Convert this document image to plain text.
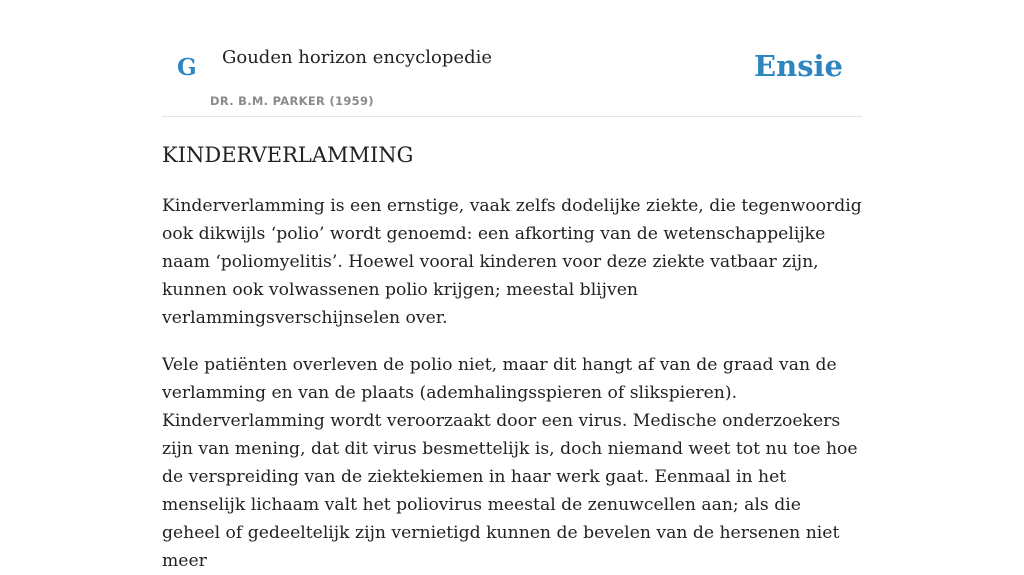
G Gouden horizon encyclopedie
DR. B.M. PARKER (1959)
Ensie
KINDERVERLAMMING

Kinderverlamming is een ernstige, vaak zelfs dodelijke ziekte, die tegenwoordig ook dikwijls ‘polio’ wordt genoemd: een afkorting van de wetenschappelijke naam ‘poliomyelitis’. Hoewel vooral kinderen voor deze ziekte vatbaar zijn, kunnen ook volwassenen polio krijgen; meestal blijven verlammingsverschijnselen over.

Vele patiënten overleven de polio niet, maar dit hangt af van de graad van de verlamming en van de plaats (ademhalingsspieren of slikspieren). Kinderverlamming wordt veroorzaakt door een virus. Medische onderzoekers zijn van mening, dat dit virus besmettelijk is, doch niemand weet tot nu toe hoe de verspreiding van de ziektekiemen in haar werk gaat. Eenmaal in het menselijk lichaam valt het poliovirus meestal de zenuwcellen aan; als die geheel of gedeeltelijk zijn vernietigd kunnen de bevelen van de hersenen niet meer
